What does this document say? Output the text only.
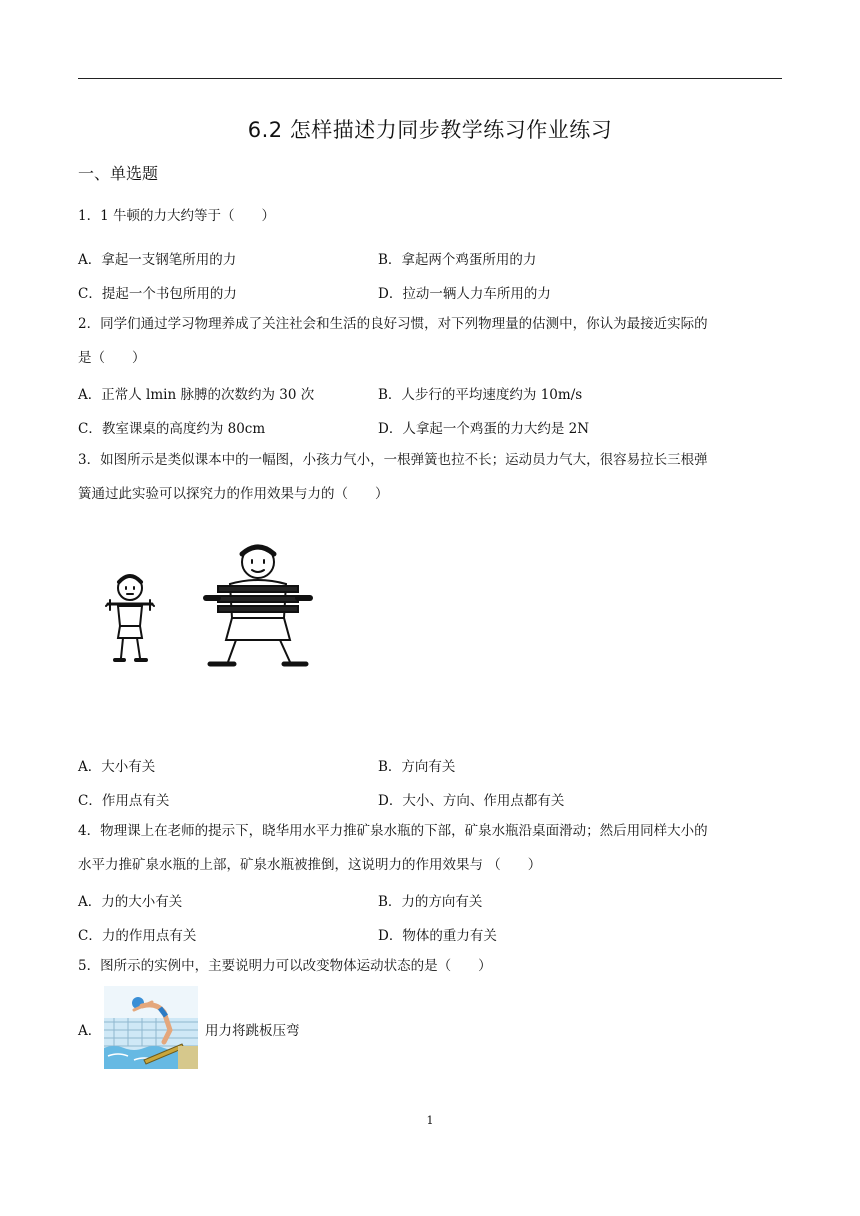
6.2 怎样描述力同步教学练习作业练习
一、单选题
1．1 牛顿的力大约等于（　　）
A．拿起一支钢笔所用的力	B．拿起两个鸡蛋所用的力
C．提起一个书包所用的力	D．拉动一辆人力车所用的力
2．同学们通过学习物理养成了关注社会和生活的良好习惯，对下列物理量的估测中，你认为最接近实际的
是（　　）
A．正常人 lmin 脉膊的次数约为 30 次	B．人步行的平均速度约为 10m/s
C．教室课桌的高度约为 80cm	D．人拿起一个鸡蛋的力大约是 2N
3．如图所示是类似课本中的一幅图，小孩力气小，一根弹簧也拉不长；运动员力气大，很容易拉长三根弹
簧通过此实验可以探究力的作用效果与力的（　　）
A．大小有关	B．方向有关
C．作用点有关	D．大小、方向、作用点都有关
4．物理课上在老师的提示下，晓华用水平力推矿泉水瓶的下部，矿泉水瓶沿桌面滑动；然后用同样大小的
水平力推矿泉水瓶的上部，矿泉水瓶被推倒，这说明力的作用效果与 （　　）
A．力的大小有关	B．力的方向有关
C．力的作用点有关	D．物体的重力有关
5．图所示的实例中，主要说明力可以改变物体运动状态的是（　　）
A．	用力将跳板压弯
1
